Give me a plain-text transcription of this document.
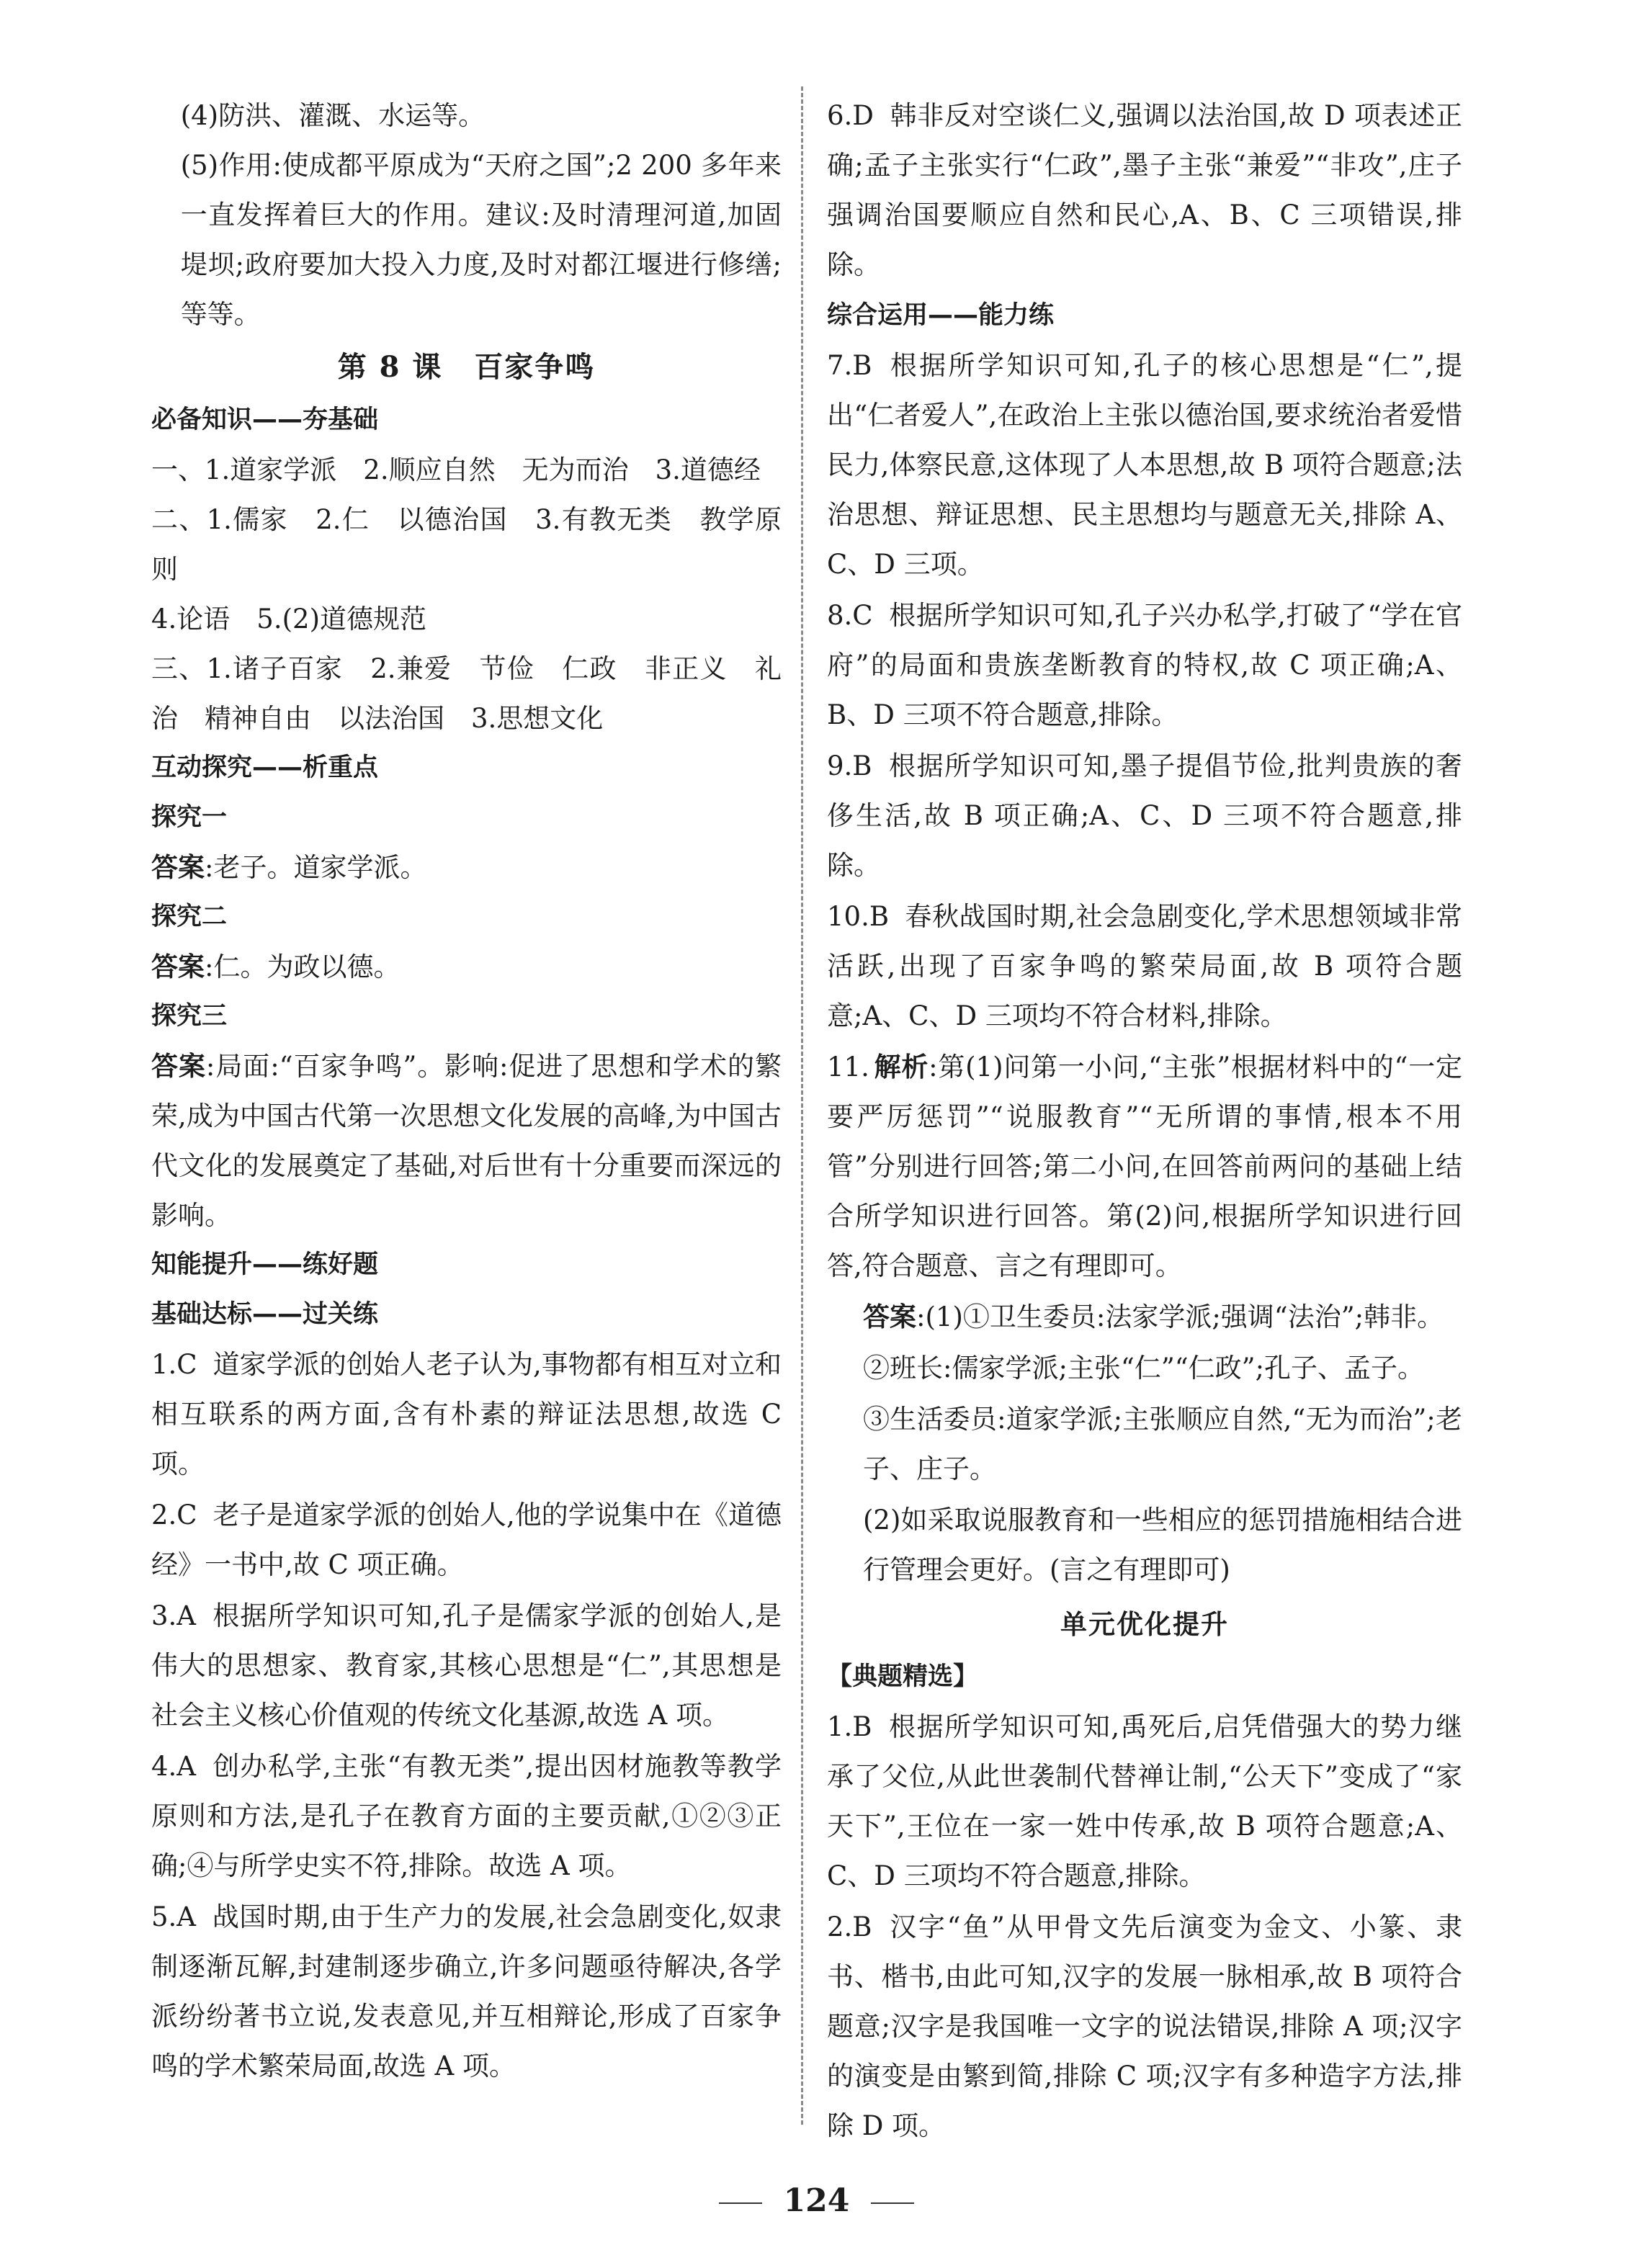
(4)防洪、灌溉、水运等。

(5)作用:使成都平原成为“天府之国”;2 200 多年来一直发挥着巨大的作用。建议:及时清理河道,加固堤坝;政府要加大投入力度,及时对都江堰进行修缮;等等。

第 8 课 百家争鸣

必备知识——夯基础

一、1.道家学派　2.顺应自然　无为而治　3.道德经

二、1.儒家　2.仁　以德治国　3.有教无类　教学原则

4.论语　5.(2)道德规范

三、1.诸子百家　2.兼爱　节俭　仁政　非正义　礼治　精神自由　以法治国　3.思想文化

互动探究——析重点

探究一

答案:老子。道家学派。

探究二

答案:仁。为政以德。

探究三

答案:局面:“百家争鸣”。影响:促进了思想和学术的繁荣,成为中国古代第一次思想文化发展的高峰,为中国古代文化的发展奠定了基础,对后世有十分重要而深远的影响。

知能提升——练好题

基础达标——过关练

1.C 道家学派的创始人老子认为,事物都有相互对立和相互联系的两方面,含有朴素的辩证法思想,故选 C 项。

2.C 老子是道家学派的创始人,他的学说集中在《道德经》一书中,故 C 项正确。

3.A 根据所学知识可知,孔子是儒家学派的创始人,是伟大的思想家、教育家,其核心思想是“仁”,其思想是社会主义核心价值观的传统文化基源,故选 A 项。

4.A 创办私学,主张“有教无类”,提出因材施教等教学原则和方法,是孔子在教育方面的主要贡献,①②③正确;④与所学史实不符,排除。故选 A 项。

5.A 战国时期,由于生产力的发展,社会急剧变化,奴隶制逐渐瓦解,封建制逐步确立,许多问题亟待解决,各学派纷纷著书立说,发表意见,并互相辩论,形成了百家争鸣的学术繁荣局面,故选 A 项。

6.D 韩非反对空谈仁义,强调以法治国,故 D 项表述正确;孟子主张实行“仁政”,墨子主张“兼爱”“非攻”,庄子强调治国要顺应自然和民心,A、B、C 三项错误,排除。

综合运用——能力练

7.B 根据所学知识可知,孔子的核心思想是“仁”,提出“仁者爱人”,在政治上主张以德治国,要求统治者爱惜民力,体察民意,这体现了人本思想,故 B 项符合题意;法治思想、辩证思想、民主思想均与题意无关,排除 A、C、D 三项。

8.C 根据所学知识可知,孔子兴办私学,打破了“学在官府”的局面和贵族垄断教育的特权,故 C 项正确;A、B、D 三项不符合题意,排除。

9.B 根据所学知识可知,墨子提倡节俭,批判贵族的奢侈生活,故 B 项正确;A、C、D 三项不符合题意,排除。

10.B 春秋战国时期,社会急剧变化,学术思想领域非常活跃,出现了百家争鸣的繁荣局面,故 B 项符合题意;A、C、D 三项均不符合材料,排除。

11. 解析:第(1)问第一小问,“主张”根据材料中的“一定要严厉惩罚”“说服教育”“无所谓的事情,根本不用管”分别进行回答;第二小问,在回答前两问的基础上结合所学知识进行回答。第(2)问,根据所学知识进行回答,符合题意、言之有理即可。

答案:(1)①卫生委员:法家学派;强调“法治”;韩非。

②班长:儒家学派;主张“仁”“仁政”;孔子、孟子。

③生活委员:道家学派;主张顺应自然,“无为而治”;老子、庄子。

(2)如采取说服教育和一些相应的惩罚措施相结合进行管理会更好。(言之有理即可)

单元优化提升

【典题精选】

1.B 根据所学知识可知,禹死后,启凭借强大的势力继承了父位,从此世袭制代替禅让制,“公天下”变成了“家天下”,王位在一家一姓中传承,故 B 项符合题意;A、C、D 三项均不符合题意,排除。

2.B 汉字“鱼”从甲骨文先后演变为金文、小篆、隶书、楷书,由此可知,汉字的发展一脉相承,故 B 项符合题意;汉字是我国唯一文字的说法错误,排除 A 项;汉字的演变是由繁到简,排除 C 项;汉字有多种造字方法,排除 D 项。

124
